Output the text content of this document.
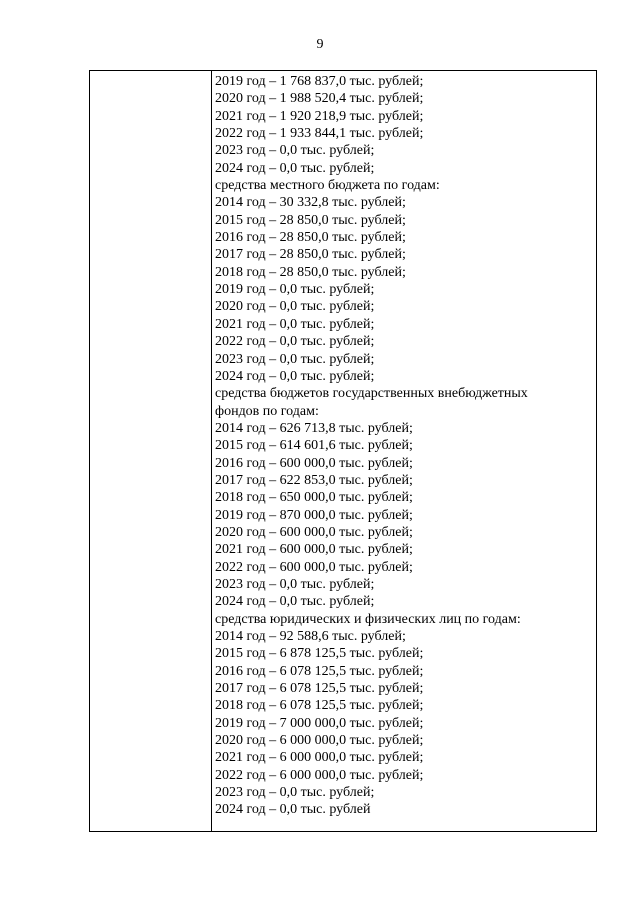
9
2019 год – 1 768 837,0 тыс. рублей;
2020 год – 1 988 520,4 тыс. рублей;
2021 год – 1 920 218,9 тыс. рублей;
2022 год – 1 933 844,1 тыс. рублей;
2023 год – 0,0 тыс. рублей;
2024 год – 0,0 тыс. рублей;
средства местного бюджета по годам:
2014 год – 30 332,8 тыс. рублей;
2015 год – 28 850,0 тыс. рублей;
2016 год – 28 850,0 тыс. рублей;
2017 год – 28 850,0 тыс. рублей;
2018 год – 28 850,0 тыс. рублей;
2019 год – 0,0 тыс. рублей;
2020 год – 0,0 тыс. рублей;
2021 год – 0,0 тыс. рублей;
2022 год – 0,0 тыс. рублей;
2023 год – 0,0 тыс. рублей;
2024 год – 0,0 тыс. рублей;
средства бюджетов государственных внебюджетных фондов по годам:
2014 год – 626 713,8 тыс. рублей;
2015 год – 614 601,6 тыс. рублей;
2016 год – 600 000,0 тыс. рублей;
2017 год – 622 853,0 тыс. рублей;
2018 год – 650 000,0 тыс. рублей;
2019 год – 870 000,0 тыс. рублей;
2020 год – 600 000,0 тыс. рублей;
2021 год – 600 000,0 тыс. рублей;
2022 год – 600 000,0 тыс. рублей;
2023 год – 0,0 тыс. рублей;
2024 год – 0,0 тыс. рублей;
средства юридических и физических лиц по годам:
2014 год – 92 588,6 тыс. рублей;
2015 год – 6 878 125,5 тыс. рублей;
2016 год – 6 078 125,5 тыс. рублей;
2017 год – 6 078 125,5 тыс. рублей;
2018 год – 6 078 125,5 тыс. рублей;
2019 год – 7 000 000,0 тыс. рублей;
2020 год – 6 000 000,0 тыс. рублей;
2021 год – 6 000 000,0 тыс. рублей;
2022 год – 6 000 000,0 тыс. рублей;
2023 год – 0,0 тыс. рублей;
2024 год – 0,0 тыс. рублей
